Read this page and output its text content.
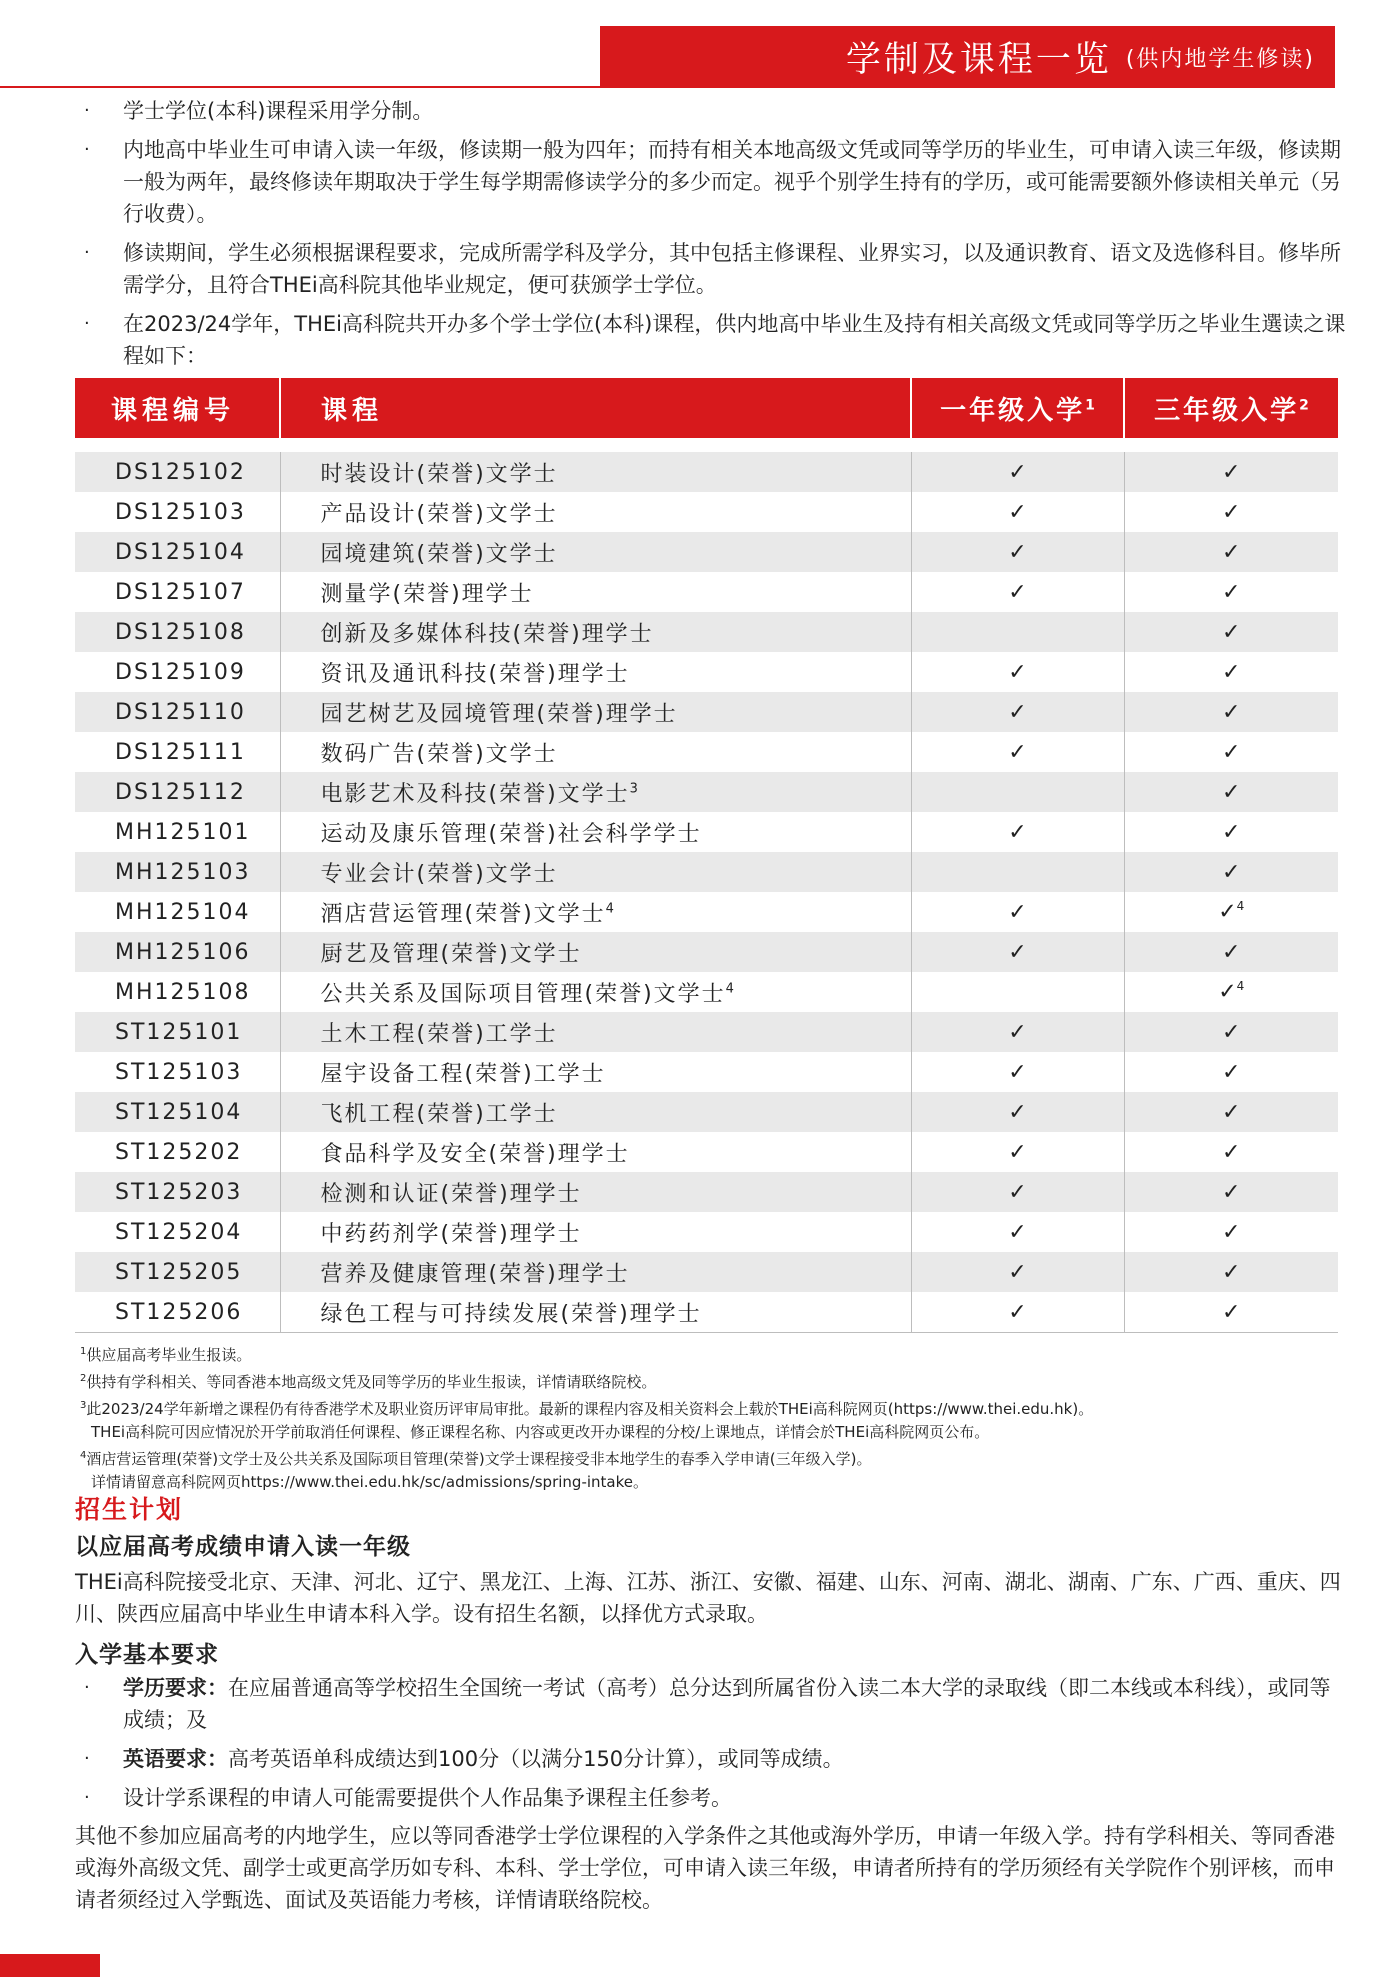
学制及课程一览 (供内地学生修读)
·	学士学位(本科)课程采用学分制。
·	内地高中毕业生可申请入读一年级，修读期一般为四年；而持有相关本地高级文凭或同等学历的毕业生，可申请入读三年级，修读期一般为两年，最终修读年期取决于学生每学期需修读学分的多少而定。视乎个别学生持有的学历，或可能需要额外修读相关单元（另行收费）。
·	修读期间，学生必须根据课程要求，完成所需学科及学分，其中包括主修课程、业界实习，以及通识教育、语文及选修科目。修毕所需学分，且符合THEi高科院其他毕业规定，便可获颁学士学位。
·	在2023/24学年，THEi高科院共开办多个学士学位(本科)课程，供内地高中毕业生及持有相关高级文凭或同等学历之毕业生選读之课程如下：
课程编号	课程	一年级入学$^1$	三年级入学$^2$

DS125102	时装设计(荣誉)文学士	✓	✓
DS125103	产品设计(荣誉)文学士	✓	✓
DS125104	园境建筑(荣誉)文学士	✓	✓
DS125107	测量学(荣誉)理学士	✓	✓
DS125108	创新及多媒体科技(荣誉)理学士		✓
DS125109	资讯及通讯科技(荣誉)理学士	✓	✓
DS125110	园艺树艺及园境管理(荣誉)理学士	✓	✓
DS125111	数码广告(荣誉)文学士	✓	✓
DS125112	电影艺术及科技(荣誉)文学士$^3$		✓
MH125101	运动及康乐管理(荣誉)社会科学学士	✓	✓
MH125103	专业会计(荣誉)文学士		✓
MH125104	酒店营运管理(荣誉)文学士$^4$	✓	✓$^4$
MH125106	厨艺及管理(荣誉)文学士	✓	✓
MH125108	公共关系及国际项目管理(荣誉)文学士$^4$		✓$^4$
ST125101	土木工程(荣誉)工学士	✓	✓
ST125103	屋宇设备工程(荣誉)工学士	✓	✓
ST125104	飞机工程(荣誉)工学士	✓	✓
ST125202	食品科学及安全(荣誉)理学士	✓	✓
ST125203	检测和认证(荣誉)理学士	✓	✓
ST125204	中药药剂学(荣誉)理学士	✓	✓
ST125205	营养及健康管理(荣誉)理学士	✓	✓
ST125206	绿色工程与可持续发展(荣誉)理学士	✓	✓
$^1$供应届高考毕业生报读。
$^2$供持有学科相关、等同香港本地高级文凭及同等学历的毕业生报读，详情请联络院校。
$^3$此2023/24学年新增之课程仍有待香港学术及职业资历评审局审批。最新的课程内容及相关资料会上载於THEi高科院网页(https://www.thei.edu.hk)。
THEi高科院可因应情况於开学前取消任何课程、修正课程名称、内容或更改开办课程的分校/上课地点，详情会於THEi高科院网页公布。
$^4$酒店营运管理(荣誉)文学士及公共关系及国际项目管理(荣誉)文学士课程接受非本地学生的春季入学申请(三年级入学)。
详情请留意高科院网页https://www.thei.edu.hk/sc/admissions/spring-intake。
招生计划
以应届高考成绩申请入读一年级
THEi高科院接受北京、天津、河北、辽宁、黑龙江、上海、江苏、浙江、安徽、福建、山东、河南、湖北、湖南、广东、广西、重庆、四川、陕西应届高中毕业生申请本科入学。设有招生名额，以择优方式录取。
入学基本要求
·	学历要求：在应届普通高等学校招生全国统一考试（高考）总分达到所属省份入读二本大学的录取线（即二本线或本科线），或同等成绩；及
·	英语要求：高考英语单科成绩达到100分（以满分150分计算），或同等成绩。
·	设计学系课程的申请人可能需要提供个人作品集予课程主任参考。
其他不参加应届高考的内地学生，应以等同香港学士学位课程的入学条件之其他或海外学历，申请一年级入学。持有学科相关、等同香港或海外高级文凭、副学士或更高学历如专科、本科、学士学位，可申请入读三年级，申请者所持有的学历须经有关学院作个别评核，而申请者须经过入学甄选、面试及英语能力考核，详情请联络院校。
